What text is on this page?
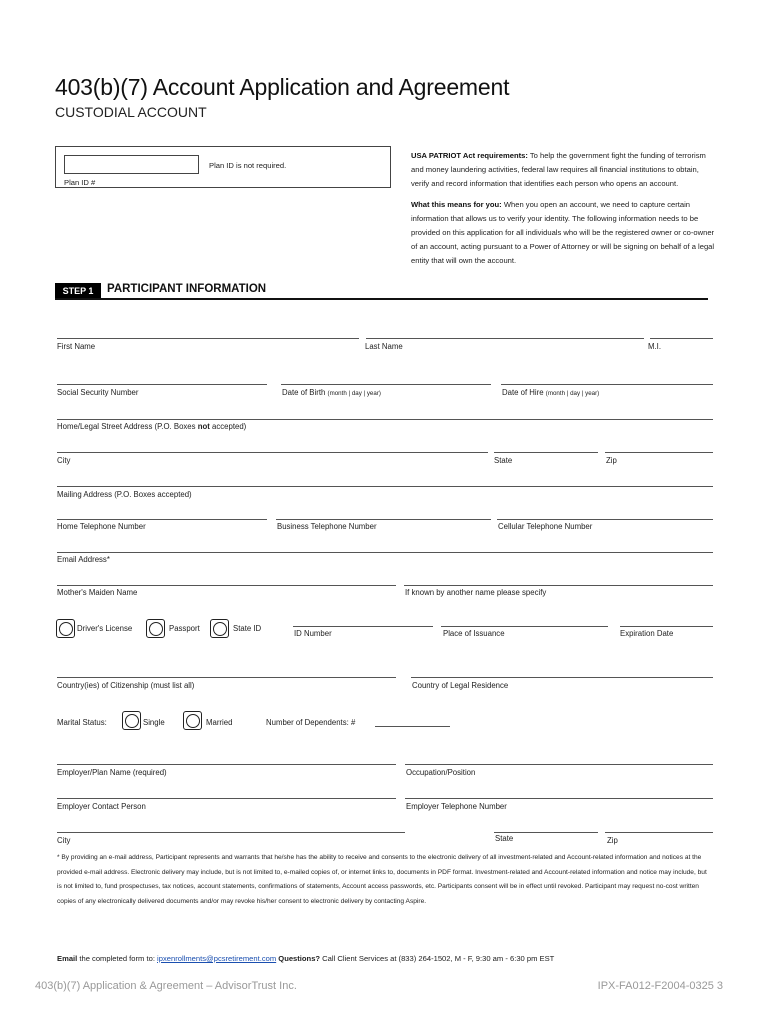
403(b)(7) Account Application and Agreement
CUSTODIAL ACCOUNT
Plan ID is not required.
Plan ID #

USA PATRIOT Act requirements: To help the government fight the funding of terrorism and money laundering activities, federal law requires all financial institutions to obtain, verify and record information that identifies each person who opens an account.

What this means for you: When you open an account, we need to capture certain information that allows us to verify your identity. The following information needs to be provided on this application for all individuals who will be the registered owner or co-owner of an account, acting pursuant to a Power of Attorney or will be signing on behalf of a legal entity that will own the account.

STEP 1	PARTICIPANT INFORMATION
First Name	Last Name	M.I.
Social Security Number	Date of Birth (month | day | year)	Date of Hire (month | day | year)
Home/Legal Street Address (P.O. Boxes not accepted)
City	State	Zip
Mailing Address (P.O. Boxes accepted)
Home Telephone Number	Business Telephone Number	Cellular Telephone Number
Email Address*
Mother's Maiden Name	If known by another name please specify
Driver's License	Passport	State ID
ID Number	Place of Issuance	Expiration Date
Country(ies) of Citizenship (must list all)	Country of Legal Residence
Marital Status:	Single	Married	Number of Dependents: #
Employer/Plan Name (required)	Occupation/Position
Employer Contact Person	Employer Telephone Number
City	State	Zip
* By providing an e-mail address, Participant represents and warrants that he/she has the ability to receive and consents to the electronic delivery of all investment-related and Account-related information and notices at the provided e-mail address. Electronic delivery may include, but is not limited to, e-mailed copies of, or internet links to, documents in PDF format. Investment-related and Account-related information and notice may include, but is not limited to, fund prospectuses, tax notices, account statements, confirmations of statements, Account access passwords, etc. Participants consent will be in effect until revoked. Participant may request no-cost written copies of any electronically delivered documents and/or may revoke his/her consent to electronic delivery by contacting Aspire.
Email the completed form to: ipxenrollments@pcsretirement.com Questions? Call Client Services at (833) 264-1502, M - F, 9:30 am - 6:30 pm EST
403(b)(7) Application & Agreement – AdvisorTrust Inc.	IPX-FA012-F2004-0325 3
